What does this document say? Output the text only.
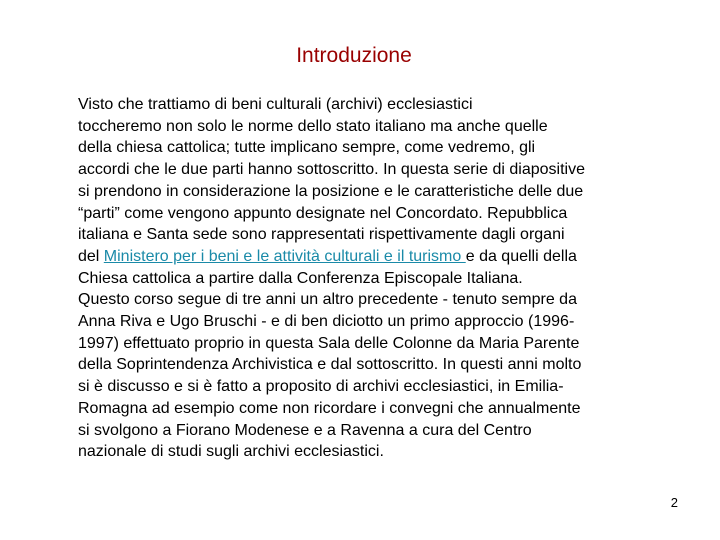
Introduzione
Visto che trattiamo di beni culturali (archivi) ecclesiastici
toccheremo non solo le norme dello stato italiano ma anche quelle
della chiesa cattolica; tutte implicano sempre, come vedremo, gli
accordi che le due parti hanno sottoscritto. In questa serie di diapositive
si prendono in considerazione la posizione e le caratteristiche delle due
“parti” come vengono appunto designate nel Concordato. Repubblica
italiana e Santa sede sono rappresentati rispettivamente dagli organi
del Ministero per i beni e le attività culturali e il turismo e da quelli della
Chiesa cattolica a partire dalla Conferenza Episcopale Italiana.
Questo corso segue di tre anni un altro precedente - tenuto sempre da
Anna Riva e Ugo Bruschi - e di ben diciotto un primo approccio (1996-
1997) effettuato proprio in questa Sala delle Colonne da Maria Parente
della Soprintendenza Archivistica e dal sottoscritto. In questi anni molto
si è discusso e si è fatto a proposito di archivi ecclesiastici, in Emilia-
Romagna ad esempio come non ricordare i convegni che annualmente
si svolgono a Fiorano Modenese e a Ravenna a cura del Centro
nazionale di studi sugli archivi ecclesiastici.
2
